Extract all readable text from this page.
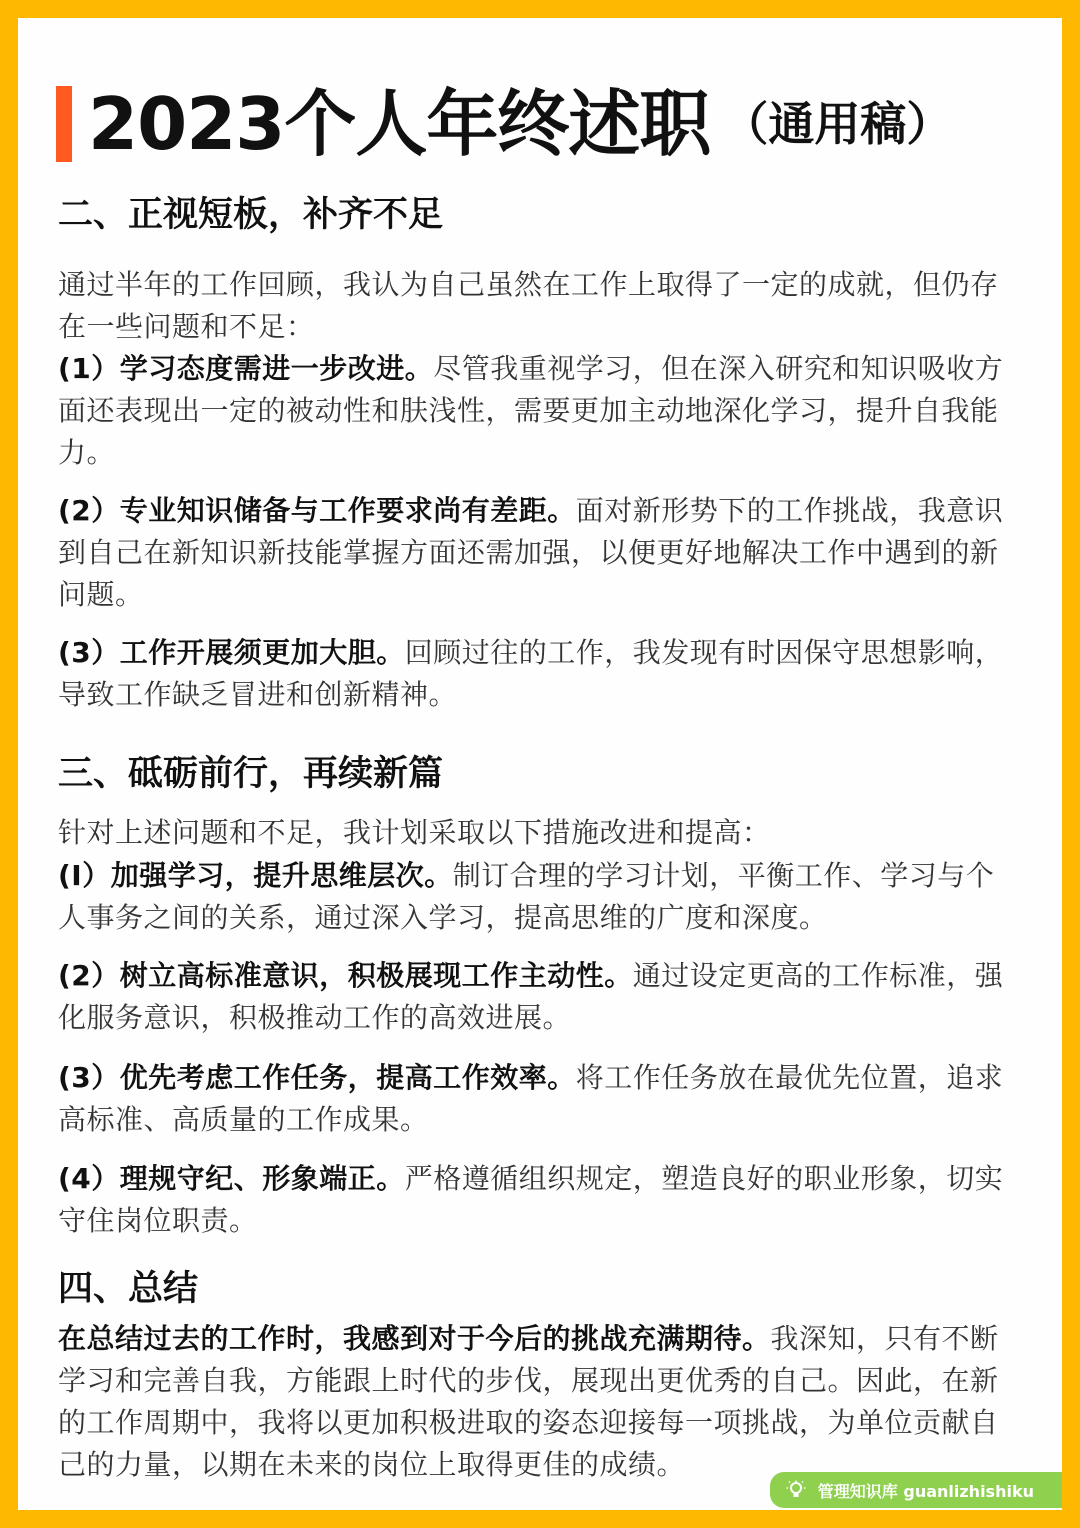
2023个人年终述职 （通用稿）
二、正视短板，补齐不足
通过半年的工作回顾，我认为自己虽然在工作上取得了一定的成就，但仍存在一些问题和不足：
(1）学习态度需进一步改进。尽管我重视学习，但在深入研究和知识吸收方面还表现出一定的被动性和肤浅性，需要更加主动地深化学习，提升自我能力。
(2）专业知识储备与工作要求尚有差距。面对新形势下的工作挑战，我意识到自己在新知识新技能掌握方面还需加强，以便更好地解决工作中遇到的新问题。
(3）工作开展须更加大胆。回顾过往的工作，我发现有时因保守思想影响，导致工作缺乏冒进和创新精神。
三、砥砺前行，再续新篇
针对上述问题和不足，我计划采取以下措施改进和提高：
(I）加强学习，提升思维层次。制订合理的学习计划，平衡工作、学习与个人事务之间的关系，通过深入学习，提高思维的广度和深度。
(2）树立高标准意识，积极展现工作主动性。通过设定更高的工作标准，强化服务意识，积极推动工作的高效进展。
(3）优先考虑工作任务，提高工作效率。将工作任务放在最优先位置，追求高标准、高质量的工作成果。
(4）理规守纪、形象端正。严格遵循组织规定，塑造良好的职业形象，切实守住岗位职责。
四、总结
在总结过去的工作时，我感到对于今后的挑战充满期待。我深知，只有不断学习和完善自我，方能跟上时代的步伐，展现出更优秀的自己。因此，在新的工作周期中，我将以更加积极进取的姿态迎接每一项挑战，为单位贡献自己的力量，以期在未来的岗位上取得更佳的成绩。
管理知识库 guanlizhishiku
